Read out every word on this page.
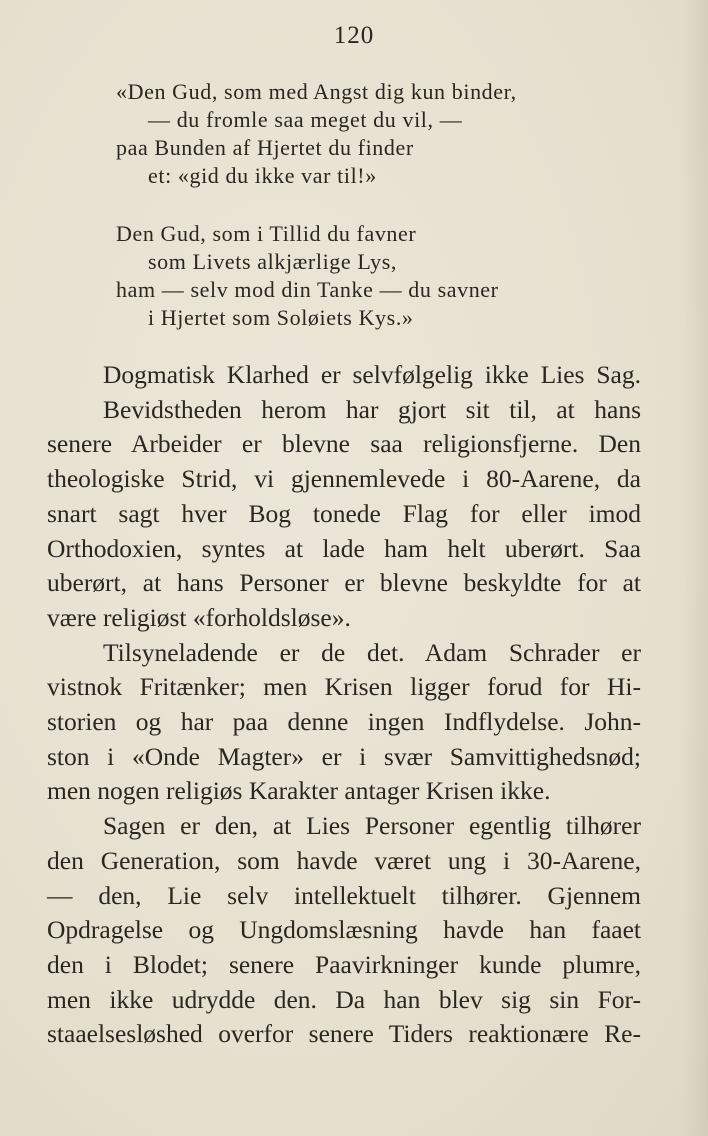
120
«Den Gud, som med Angst dig kun binder,
— du fromle saa meget du vil, —
paa Bunden af Hjertet du finder
et: «gid du ikke var til!»
Den Gud, som i Tillid du favner
som Livets alkjærlige Lys,
ham — selv mod din Tanke — du savner
i Hjertet som Soløiets Kys.»
Dogmatisk Klarhed er selvfølgelig ikke Lies Sag.
Bevidstheden herom har gjort sit til, at hans
senere Arbeider er blevne saa religionsfjerne. Den
theologiske Strid, vi gjennemlevede i 80-Aarene, da
snart sagt hver Bog tonede Flag for eller imod
Orthodoxien, syntes at lade ham helt uberørt. Saa
uberørt, at hans Personer er blevne beskyldte for at
være religiøst «forholdsløse».
Tilsyneladende er de det. Adam Schrader er
vistnok Fritænker; men Krisen ligger forud for Hi-
storien og har paa denne ingen Indflydelse. John-
ston i «Onde Magter» er i svær Samvittighedsnød;
men nogen religiøs Karakter antager Krisen ikke.
Sagen er den, at Lies Personer egentlig tilhører
den Generation, som havde været ung i 30-Aarene,
— den, Lie selv intellektuelt tilhører. Gjennem
Opdragelse og Ungdomslæsning havde han faaet
den i Blodet; senere Paavirkninger kunde plumre,
men ikke udrydde den. Da han blev sig sin For-
staaelsesløshed overfor senere Tiders reaktionære Re-
